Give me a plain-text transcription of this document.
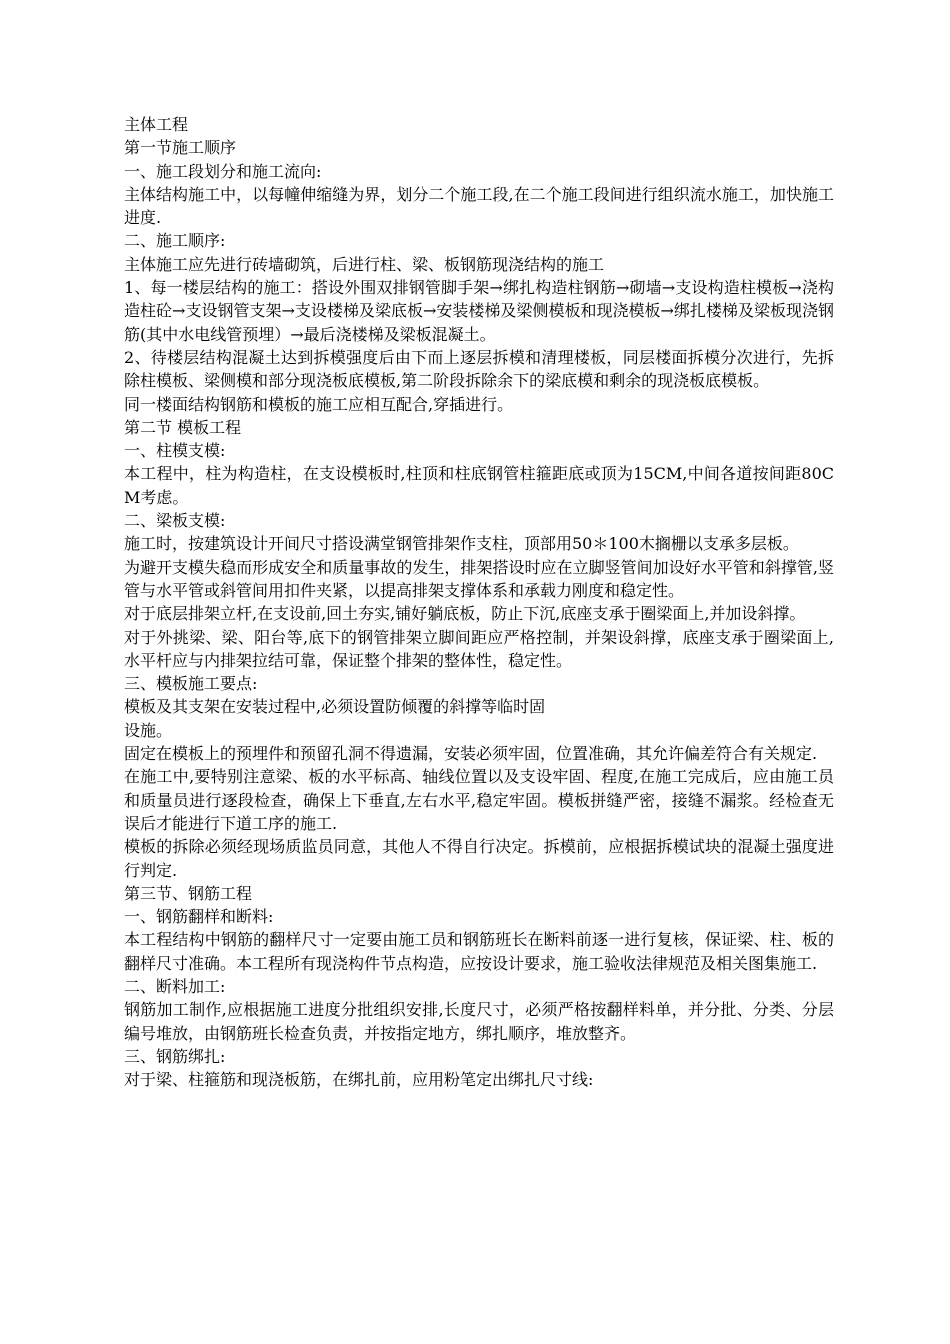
主体工程

第一节施工顺序

一、施工段划分和施工流向:

主体结构施工中，以每幢伸缩缝为界，划分二个施工段,在二个施工段间进行组织流水施工，加快施工进度.

二、施工顺序:

主体施工应先进行砖墙砌筑，后进行柱、梁、板钢筋现浇结构的施工

1、每一楼层结构的施工：搭设外围双排钢管脚手架→绑扎构造柱钢筋→砌墙→支设构造柱模板→浇构造柱砼→支设钢管支架→支设楼梯及梁底板→安装楼梯及梁侧模板和现浇模板→绑扎楼梯及梁板现浇钢筋(其中水电线管预埋）→最后浇楼梯及梁板混凝土。

2、待楼层结构混凝土达到拆模强度后由下而上逐层拆模和清理楼板，同层楼面拆模分次进行，先拆除柱模板、梁侧模和部分现浇板底模板,第二阶段拆除余下的梁底模和剩余的现浇板底模板。

同一楼面结构钢筋和模板的施工应相互配合,穿插进行。

第二节 模板工程

一、柱模支模:

本工程中，柱为构造柱，在支设模板时,柱顶和柱底钢管柱箍距底或顶为15CM,中间各道按间距80CM考虑。

二、梁板支模:

施工时，按建筑设计开间尺寸搭设满堂钢管排架作支柱，顶部用50＊100木搁栅以支承多层板。

为避开支模失稳而形成安全和质量事故的发生，排架搭设时应在立脚竖管间加设好水平管和斜撑管,竖管与水平管或斜管间用扣件夹紧，以提高排架支撑体系和承载力刚度和稳定性。

对于底层排架立杆,在支设前,回土夯实,铺好躺底板，防止下沉,底座支承于圈梁面上,并加设斜撑。

对于外挑梁、梁、阳台等,底下的钢管排架立脚间距应严格控制，并架设斜撑，底座支承于圈梁面上,水平杆应与内排架拉结可靠，保证整个排架的整体性，稳定性。

三、模板施工要点:

模板及其支架在安装过程中,必须设置防倾覆的斜撑等临时固

设施。

固定在模板上的预埋件和预留孔洞不得遗漏，安装必须牢固，位置准确，其允许偏差符合有关规定.

在施工中,要特别注意梁、板的水平标高、轴线位置以及支设牢固、程度,在施工完成后，应由施工员和质量员进行逐段检查，确保上下垂直,左右水平,稳定牢固。模板拼缝严密，接缝不漏浆。经检查无误后才能进行下道工序的施工.

模板的拆除必须经现场质监员同意，其他人不得自行决定。拆模前，应根据拆模试块的混凝土强度进行判定.

第三节、钢筋工程

一、钢筋翻样和断料:

本工程结构中钢筋的翻样尺寸一定要由施工员和钢筋班长在断料前逐一进行复核，保证梁、柱、板的翻样尺寸准确。本工程所有现浇构件节点构造，应按设计要求，施工验收法律规范及相关图集施工.

二、断料加工:

钢筋加工制作,应根据施工进度分批组织安排,长度尺寸，必须严格按翻样料单，并分批、分类、分层编号堆放，由钢筋班长检查负责，并按指定地方，绑扎顺序，堆放整齐。

三、钢筋绑扎:

对于梁、柱箍筋和现浇板筋，在绑扎前，应用粉笔定出绑扎尺寸线:
